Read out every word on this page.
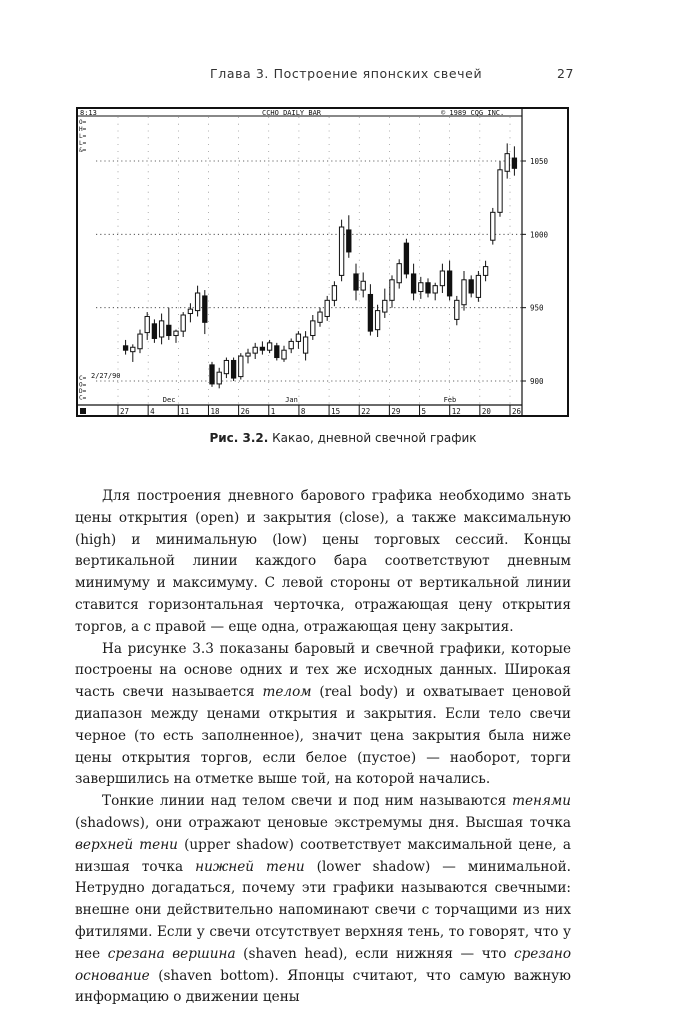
Глава 3. Построение японских свечей	27
900
950
1000
1050
27	4	11	18	26	1	8	15	22	29	5	12	20	26
Dec	Jan	Feb
8:13	CCHO DAILY BAR	© 1989 CQG INC.
O=
H=
L=
L=
&=
C=
O=
D=
C=
2/27/90
Рис. 3.2. Какао, дневной свечной график

Для построения дневного барового графика необходимо знать цены открытия (open) и закрытия (close), а также максимальную (high) и минимальную (low) цены торговых сессий. Концы вертикальной линии каждого бара соответствуют дневным минимуму и максимуму. С левой стороны от вертикальной линии ставится горизонтальная черточка, отражающая цену открытия торгов, а с правой — еще одна, отражающая цену закрытия.

На рисунке 3.3 показаны баровый и свечной графики, которые построены на основе одних и тех же исходных данных. Широкая часть свечи называется телом (real body) и охватывает ценовой диапазон между ценами открытия и закрытия. Если тело свечи черное (то есть заполненное), значит цена закрытия была ниже цены открытия торгов, если белое (пустое) — наоборот, торги завершились на отметке выше той, на которой начались.

Тонкие линии над телом свечи и под ним называются тенями (shadows), они отражают ценовые экстремумы дня. Высшая точка верхней тени (upper shadow) соответствует максимальной цене, а низшая точка нижней тени (lower shadow) — минимальной. Нетрудно догадаться, почему эти графики называются свечными: внешне они действительно напоминают свечи с торчащими из них фитилями. Если у свечи отсутствует верхняя тень, то говорят, что у нее срезана вершина (shaven head), если нижняя — что срезано основание (shaven bottom). Японцы считают, что самую важную информацию о движении цены
